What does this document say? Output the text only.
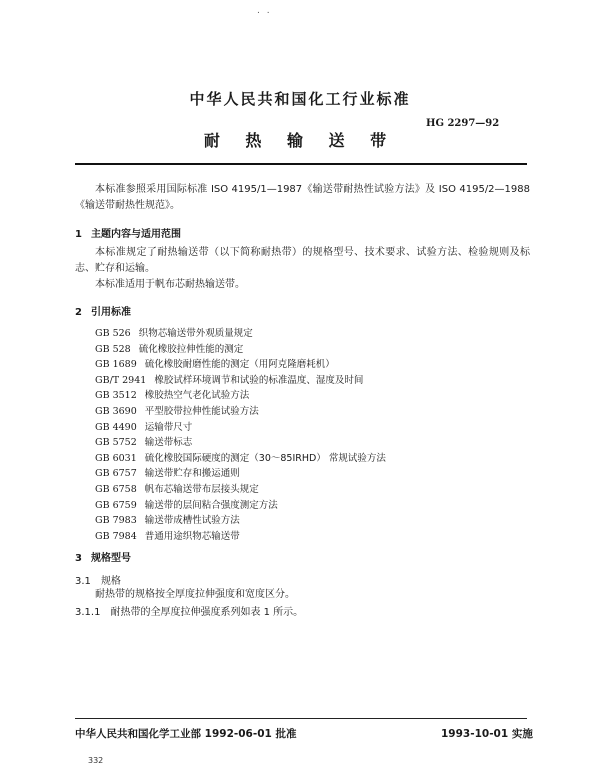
. .
中华人民共和国化工行业标准
HG 2297—92
耐 热 输 送 带
本标准参照采用国际标准 ISO 4195/1—1987《输送带耐热性试验方法》及 ISO 4195/2—1988《输送带耐热性规范》。
1 主题内容与适用范围
本标准规定了耐热输送带（以下简称耐热带）的规格型号、技术要求、试验方法、检验规则及标志、贮存和运输。
本标准适用于帆布芯耐热输送带。
2 引用标准
GB 526 织物芯输送带外观质量规定
GB 528 硫化橡胶拉伸性能的测定
GB 1689 硫化橡胶耐磨性能的测定（用阿克隆磨耗机）
GB/T 2941 橡胶试样环境调节和试验的标准温度、湿度及时间
GB 3512 橡胶热空气老化试验方法
GB 3690 平型胶带拉伸性能试验方法
GB 4490 运输带尺寸
GB 5752 输送带标志
GB 6031 硫化橡胶国际硬度的测定（30～85IRHD） 常规试验方法
GB 6757 输送带贮存和搬运通则
GB 6758 帆布芯输送带布层接头规定
GB 6759 输送带的层间粘合强度测定方法
GB 7983 输送带成槽性试验方法
GB 7984 普通用途织物芯输送带
3 规格型号
3.1 规格
耐热带的规格按全厚度拉伸强度和宽度区分。
3.1.1 耐热带的全厚度拉伸强度系列如表 1 所示。
中华人民共和国化学工业部 1992-06-01 批准	1993-10-01 实施
332
